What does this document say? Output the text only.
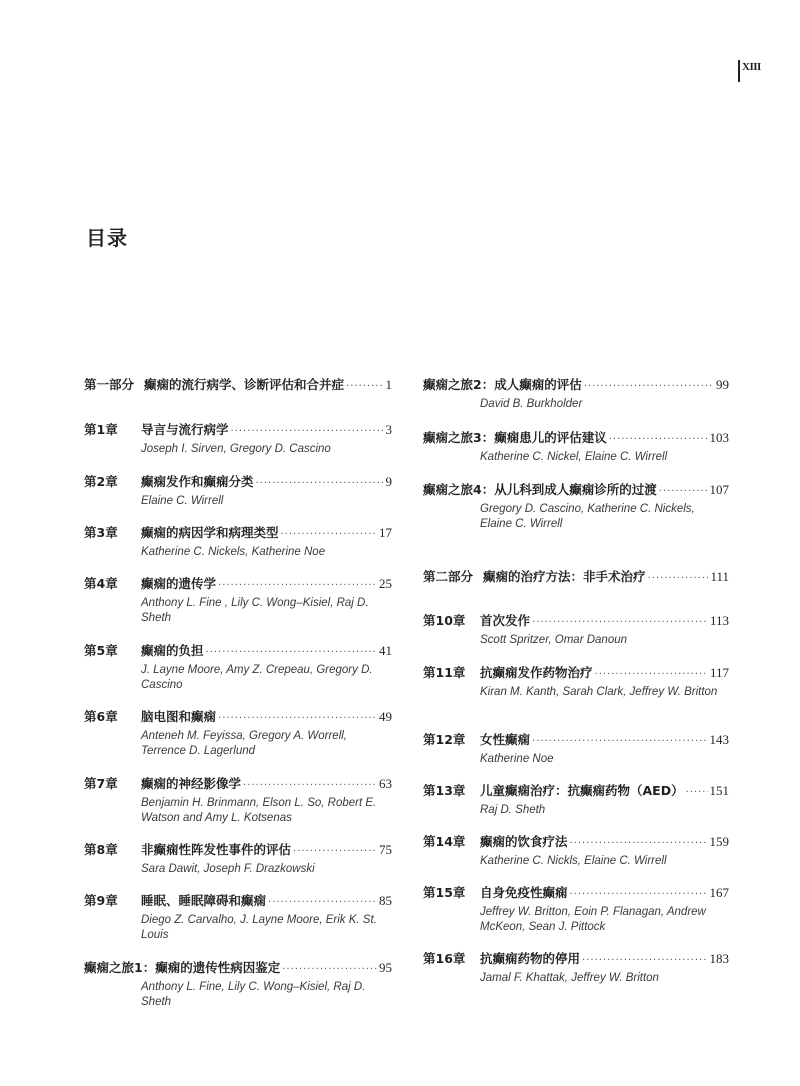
XIII
目录
第一部分 癫痫的流行病学、诊断评估和合并症 ·····	1
第1章	导言与流行病学 ·····	3
Joseph I. Sirven, Gregory D. Cascino
第2章	癫痫发作和癫痫分类 ·····	9
Elaine C. Wirrell
第3章	癫痫的病因学和病理类型 ·····	17
Katherine C. Nickels, Katherine Noe
第4章	癫痫的遗传学 ·····	25
Anthony L. Fine , Lily C. Wong–Kisiel, Raj D. Sheth
第5章	癫痫的负担 ·····	41
J. Layne Moore, Amy Z. Crepeau, Gregory D. Cascino
第6章	脑电图和癫痫 ·····	49
Anteneh M. Feyissa, Gregory A. Worrell, Terrence D. Lagerlund
第7章	癫痫的神经影像学 ·····	63
Benjamin H. Brinmann, Elson L. So, Robert E. Watson and Amy L. Kotsenas
第8章	非癫痫性阵发性事件的评估 ·····	75
Sara Dawit, Joseph F. Drazkowski
第9章	睡眠、睡眠障碍和癫痫 ·····	85
Diego Z. Carvalho, J. Layne Moore, Erik K. St. Louis
癫痫之旅1： 癫痫的遗传性病因鉴定 ·····	95
Anthony L. Fine, Lily C. Wong–Kisiel, Raj D. Sheth
癫痫之旅2： 成人癫痫的评估 ·····	99
David B. Burkholder
癫痫之旅3： 癫痫患儿的评估建议 ·····	103
Katherine C. Nickel, Elaine C. Wirrell
癫痫之旅4： 从儿科到成人癫痫诊所的过渡 ·····	107
Gregory D. Cascino, Katherine C. Nickels, Elaine C. Wirrell
第二部分 癫痫的治疗方法：非手术治疗 ·····	111
第10章	首次发作 ·····	113
Scott Spritzer, Omar Danoun
第11章	抗癫痫发作药物治疗 ·····	117
Kiran M. Kanth, Sarah Clark, Jeffrey W. Britton
第12章	女性癫痫 ·····	143
Katherine Noe
第13章	儿童癫痫治疗：抗癫痫药物（AED） ····· 151
Raj D. Sheth
第14章	癫痫的饮食疗法 ·····	159
Katherine C. Nickls, Elaine C. Wirrell
第15章	自身免疫性癫痫 ·····	167
Jeffrey W. Britton, Eoin P. Flanagan, Andrew McKeon, Sean J. Pittock
第16章	抗癫痫药物的停用 ·····	183
Jamal F. Khattak, Jeffrey W. Britton
